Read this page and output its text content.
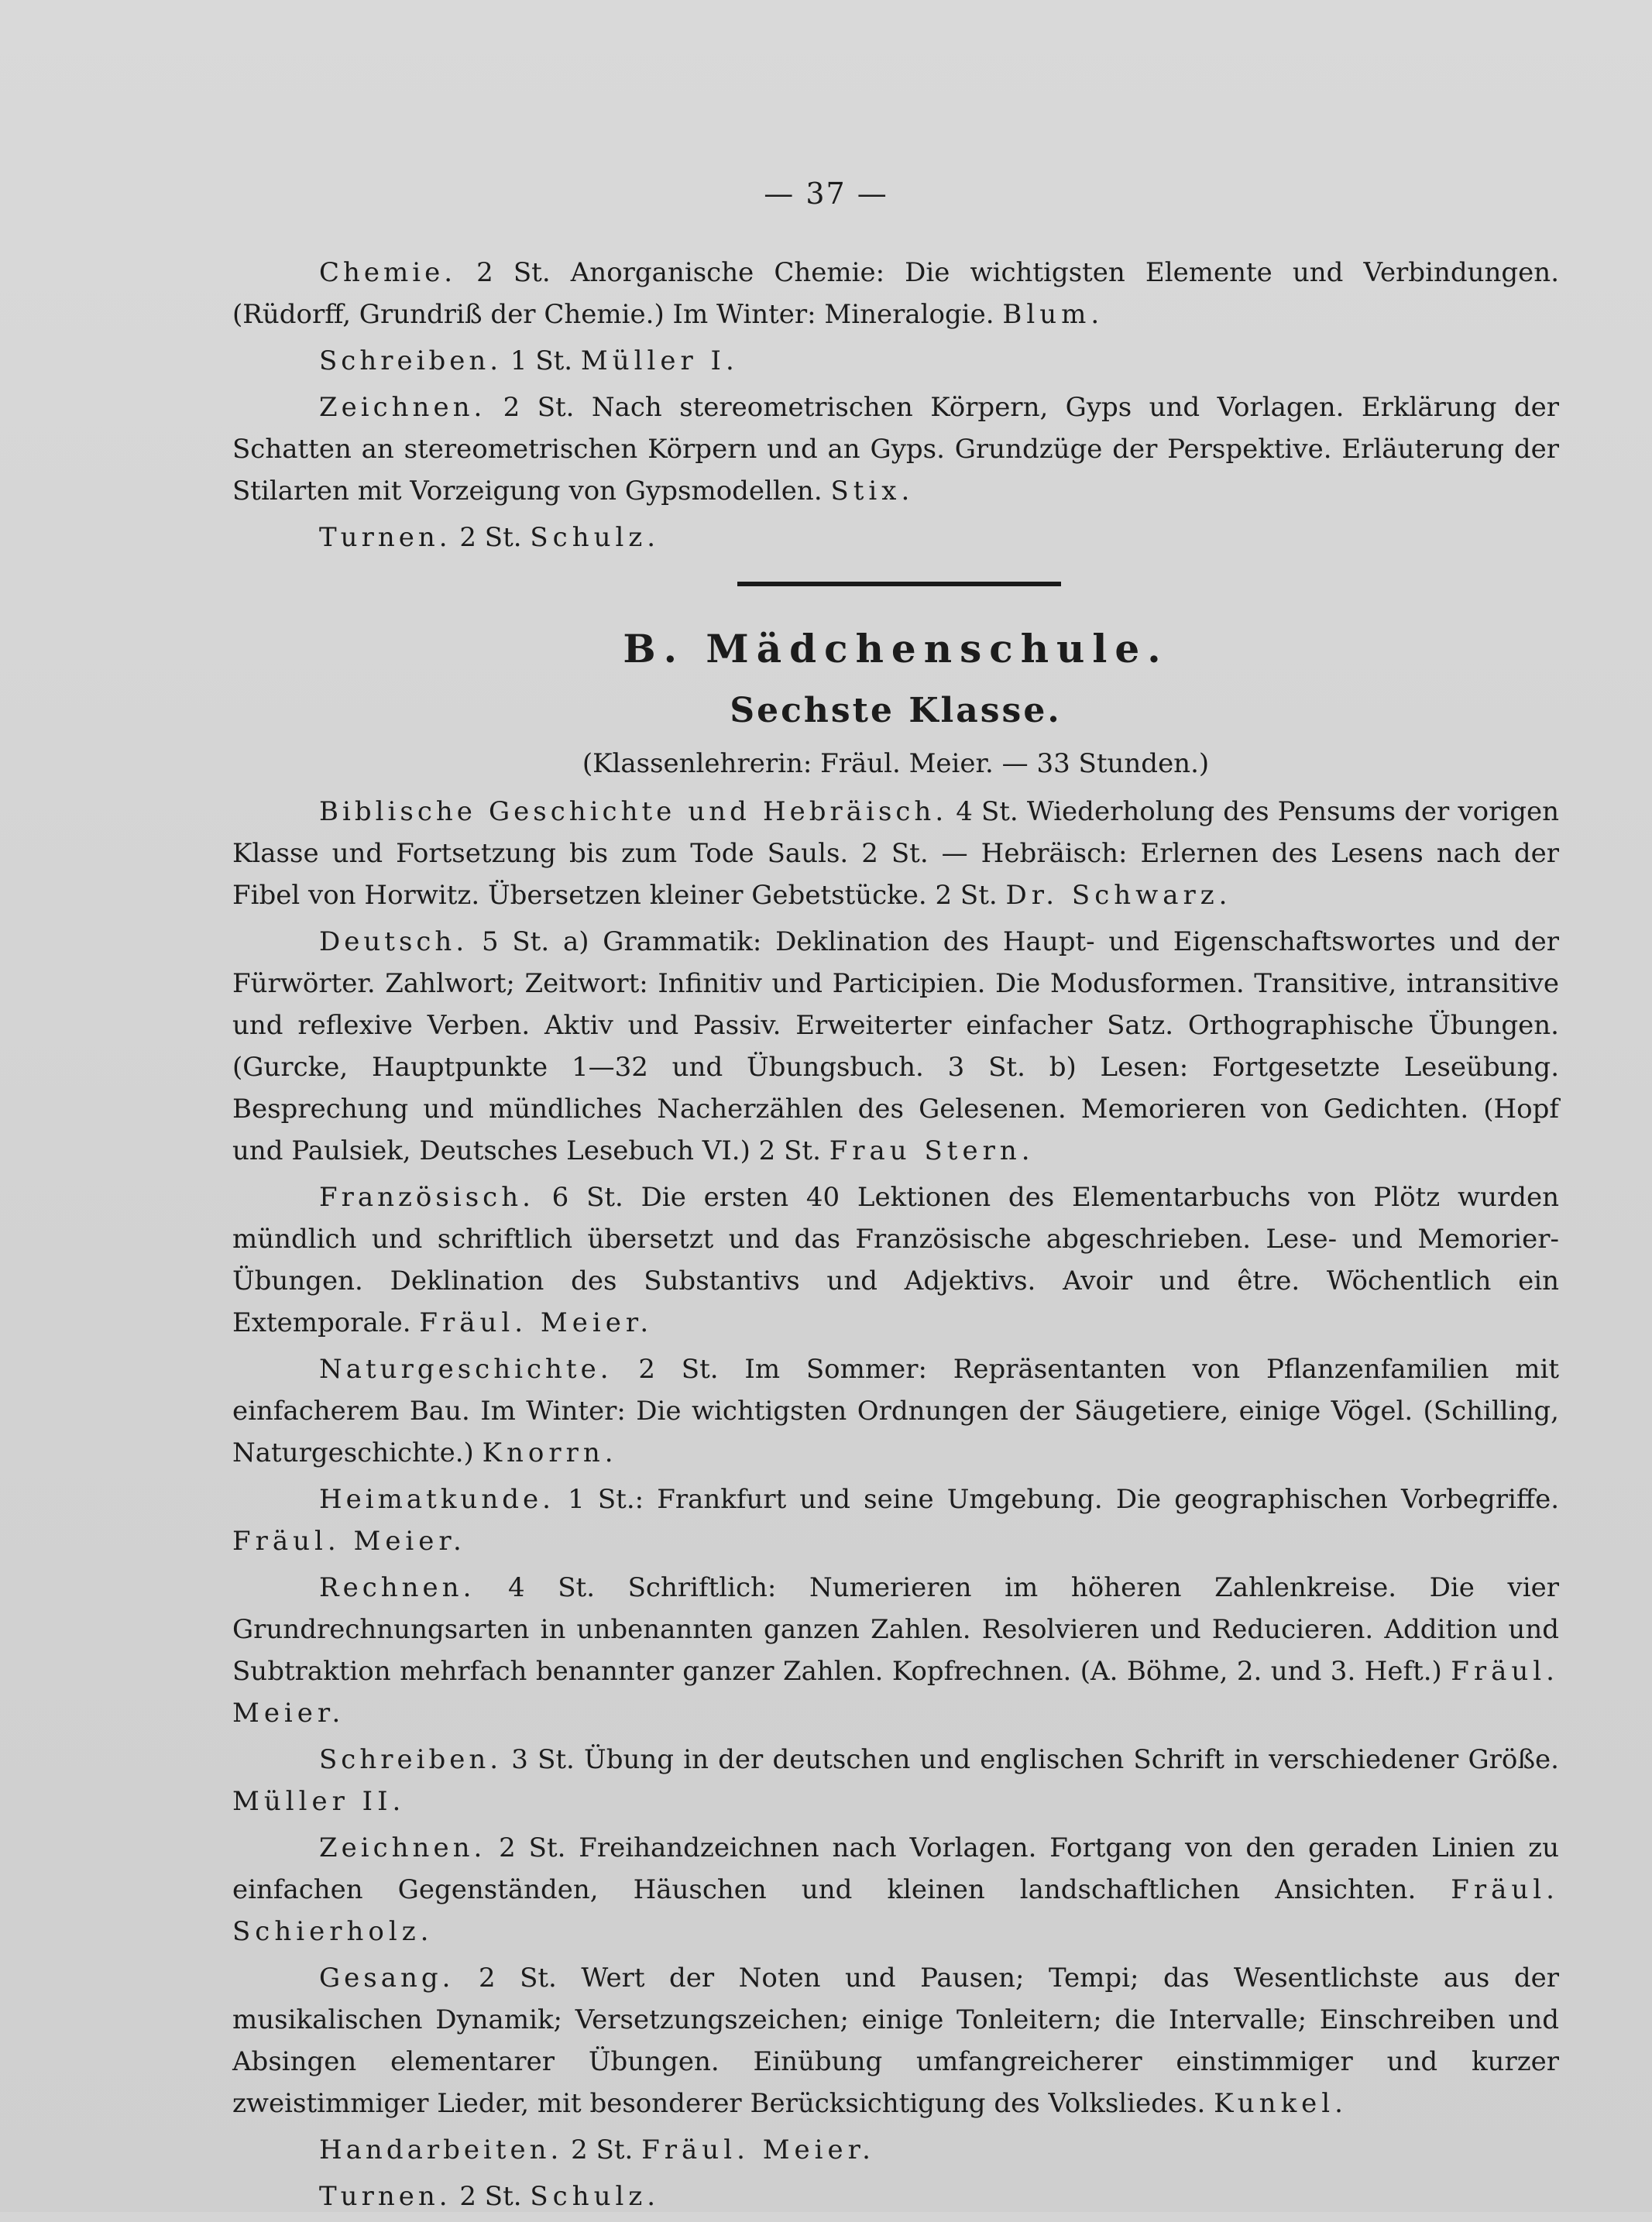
— 37 —

Chemie. 2 St. Anorganische Chemie: Die wichtigsten Elemente und Verbindungen. (Rüdorff, Grundriß der Chemie.) Im Winter: Mineralogie. Blum.

Schreiben. 1 St. Müller I.

Zeichnen. 2 St. Nach stereometrischen Körpern, Gyps und Vorlagen. Erklärung der Schatten an stereometrischen Körpern und an Gyps. Grundzüge der Perspektive. Erläuterung der Stilarten mit Vorzeigung von Gypsmodellen. Stix.

Turnen. 2 St. Schulz.

B. Mädchenschule.
Sechste Klasse.

(Klassenlehrerin: Fräul. Meier. — 33 Stunden.)

Biblische Geschichte und Hebräisch. 4 St. Wiederholung des Pensums der vorigen Klasse und Fortsetzung bis zum Tode Sauls. 2 St. — Hebräisch: Erlernen des Lesens nach der Fibel von Horwitz. Übersetzen kleiner Gebetstücke. 2 St. Dr. Schwarz.

Deutsch. 5 St. a) Grammatik: Deklination des Haupt- und Eigenschaftswortes und der Fürwörter. Zahlwort; Zeitwort: Infinitiv und Participien. Die Modusformen. Transitive, intransitive und reflexive Verben. Aktiv und Passiv. Erweiterter einfacher Satz. Orthographische Übungen. (Gurcke, Hauptpunkte 1—32 und Übungsbuch. 3 St. b) Lesen: Fortgesetzte Leseübung. Besprechung und mündliches Nacherzählen des Gelesenen. Memorieren von Gedichten. (Hopf und Paulsiek, Deutsches Lesebuch VI.) 2 St. Frau Stern.

Französisch. 6 St. Die ersten 40 Lektionen des Elementarbuchs von Plötz wurden mündlich und schriftlich übersetzt und das Französische abgeschrieben. Lese- und Memorier-Übungen. Deklination des Substantivs und Adjektivs. Avoir und être. Wöchentlich ein Extemporale. Fräul. Meier.

Naturgeschichte. 2 St. Im Sommer: Repräsentanten von Pflanzenfamilien mit einfacherem Bau. Im Winter: Die wichtigsten Ordnungen der Säugetiere, einige Vögel. (Schilling, Naturgeschichte.) Knorrn.

Heimatkunde. 1 St.: Frankfurt und seine Umgebung. Die geographischen Vorbegriffe. Fräul. Meier.

Rechnen. 4 St. Schriftlich: Numerieren im höheren Zahlenkreise. Die vier Grundrechnungsarten in unbenannten ganzen Zahlen. Resolvieren und Reducieren. Addition und Subtraktion mehrfach benannter ganzer Zahlen. Kopfrechnen. (A. Böhme, 2. und 3. Heft.) Fräul. Meier.

Schreiben. 3 St. Übung in der deutschen und englischen Schrift in verschiedener Größe. Müller II.

Zeichnen. 2 St. Freihandzeichnen nach Vorlagen. Fortgang von den geraden Linien zu einfachen Gegenständen, Häuschen und kleinen landschaftlichen Ansichten. Fräul. Schierholz.

Gesang. 2 St. Wert der Noten und Pausen; Tempi; das Wesentlichste aus der musikalischen Dynamik; Versetzungszeichen; einige Tonleitern; die Intervalle; Einschreiben und Absingen elementarer Übungen. Einübung umfangreicherer einstimmiger und kurzer zweistimmiger Lieder, mit besonderer Berücksichtigung des Volksliedes. Kunkel.

Handarbeiten. 2 St. Fräul. Meier.

Turnen. 2 St. Schulz.
